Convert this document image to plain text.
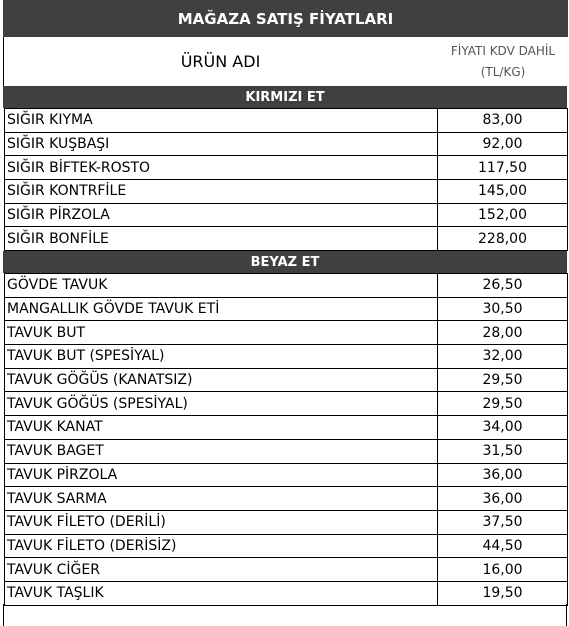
MAĞAZA SATIŞ FİYATLARI
ÜRÜN ADI
FİYATI KDV DAHİL
(TL/KG)
KIRMIZI ET
SIĞIR KIYMA	83,00
SIĞIR KUŞBAŞI	92,00
SIĞIR BİFTEK-ROSTO	117,50
SIĞIR KONTRFİLE	145,00
SIĞIR PİRZOLA	152,00
SIĞIR BONFİLE	228,00
BEYAZ ET
GÖVDE TAVUK	26,50
MANGALLIK GÖVDE TAVUK ETİ	30,50
TAVUK BUT	28,00
TAVUK BUT (SPESİYAL)	32,00
TAVUK GÖĞÜS (KANATSIZ)	29,50
TAVUK GÖĞÜS (SPESİYAL)	29,50
TAVUK KANAT	34,00
TAVUK BAGET	31,50
TAVUK PİRZOLA	36,00
TAVUK SARMA	36,00
TAVUK FİLETO (DERİLİ)	37,50
TAVUK FİLETO (DERİSİZ)	44,50
TAVUK CİĞER	16,00
TAVUK TAŞLIK	19,50
